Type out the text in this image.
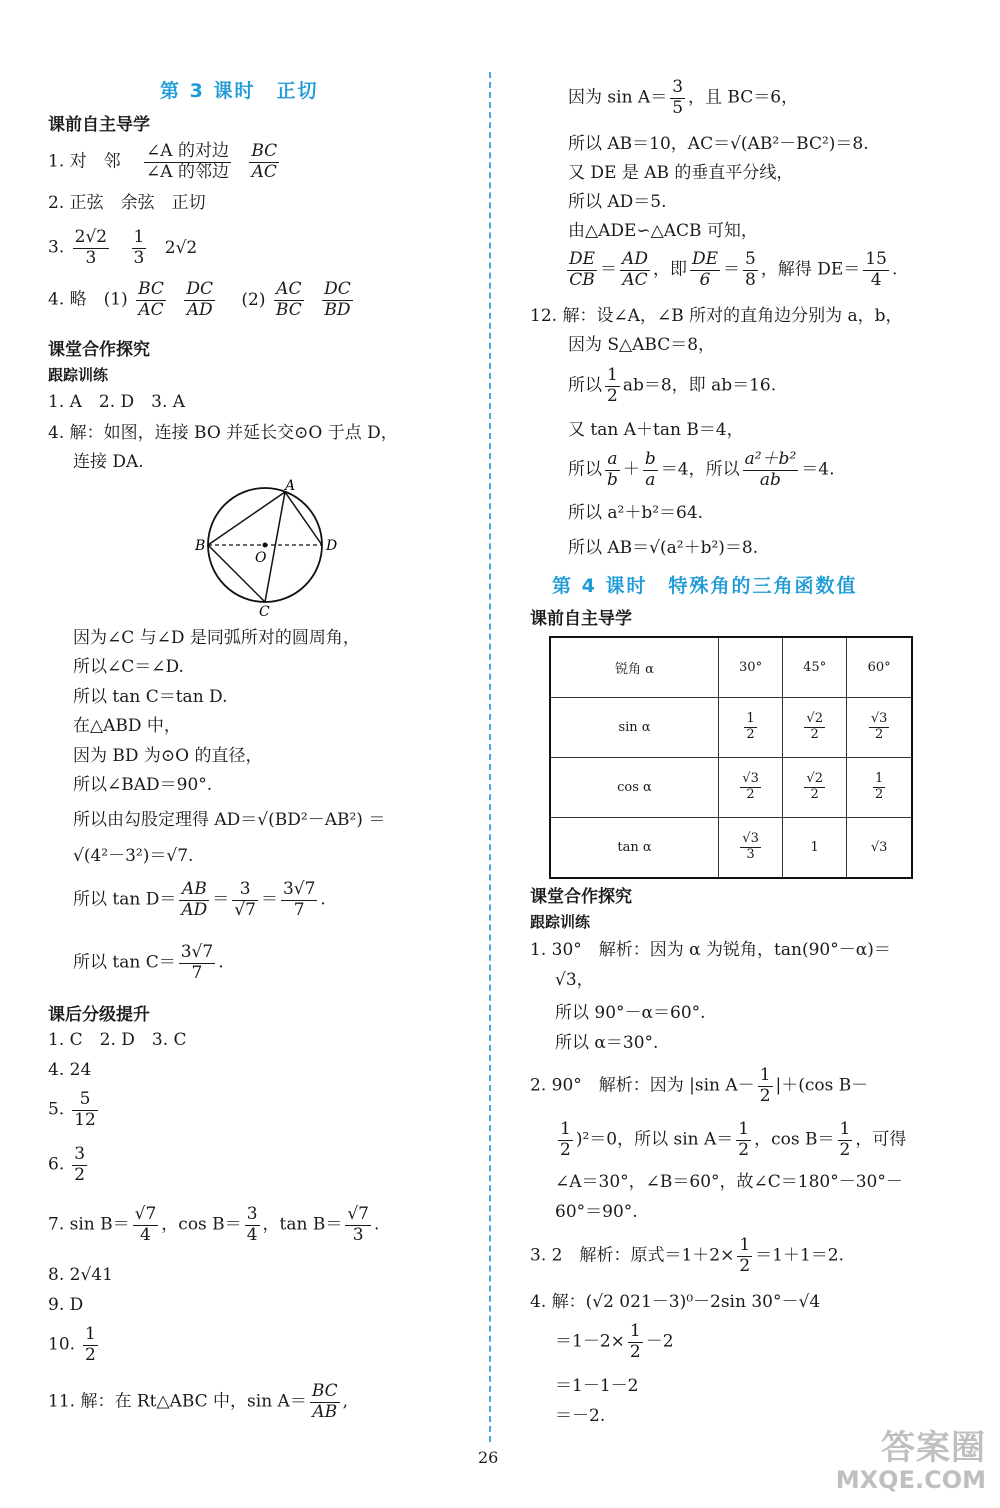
第 3 课时　正切
课前自主导学
1. 对　邻 $\frac{\text{∠A 的对边}}{\text{∠A 的邻边}}$
$\frac{BC}{AC}$
2. 正弦　余弦　正切
3. $\frac{2√2}{3}$
$\frac{1}{3} 2√2$
4. 略　$(1) \frac{BC}{AC}$
$\frac{DC}{AD} (2) \frac{AC}{BC}$
$\frac{DC}{BD}$
课堂合作探究
跟踪训练
1. A　2. D　3. A
4. 解：如图，连接 BO 并延长交⊙O 于点 D，
连接 DA.
A
B
C
D
O
因为∠C 与∠D 是同弧所对的圆周角，
所以∠C＝∠D.
所以 tan C＝tan D.
在△ABD 中，
因为 BD 为⊙O 的直径，
所以∠BAD＝90°.
所以由勾股定理得 AD＝√(BD²－AB²) ＝
√(4²－3²)＝√7.
所以 $\tan D= \frac{AB}{AD} = \frac{3}{√7} = \frac{3√7}{7}$ .
所以 $\tan C= \frac{3√7}{7}$ .
课后分级提升
1. C　2. D　3. C
4. 24
5. $\frac{5}{12}$
6. $\frac{3}{2}$
7. $\sin B= \frac{√7}{4}$ ，$\cos B= \frac{3}{4}$ ，$\tan B= \frac{√7}{3}$ .
8. 2√41
9. D
10. $\frac{1}{2}$
11. 解：在 Rt△ABC 中，$\sin A= \frac{BC}{AB}$ ,
因为 $\sin A= \frac{3}{5}$ ，且 BC＝6，
所以 AB＝10，AC＝√(AB²－BC²)＝8.
又 DE 是 AB 的垂直平分线，
所以 AD＝5.
由△ADE∽△ACB 可知，
$\frac{DE}{CB} = \frac{AD}{AC}$ ，即 $\frac{DE}{6} = \frac{5}{8}$ ，解得 $DE= \frac{15}{4}$ .
12. 解：设∠A，∠B 所对的直角边分别为 a，b，
因为 S△ABC＝8，
所以 $\frac{1}{2} ab=8$，即 ab＝16.
又 tan A＋tan B＝4，
所以 $\frac{a}{b} + \frac{b}{a} =4$，所以 $\frac{\text{a²＋b²}}{ab} =4$.
所以 a²＋b²＝64.
所以 AB＝√(a²＋b²)＝8.
第 4 课时　特殊角的三角函数值
课前自主导学
锐角 α	30°	45°	60°
sin α	$\frac{1}{2}$	$\frac{√2}{2}$	$\frac{√3}{2}$

cos α	$\frac{√3}{2}$	$\frac{√2}{2}$	$\frac{1}{2}$

tan α	$\frac{√3}{3}$	1	√3
课堂合作探究
跟踪训练
1. 30°　解析：因为 α 为锐角，tan(90°－α)＝
√3，
所以 90°－α＝60°.
所以 α＝30°.
2. 90°　解析：因为 |sin $A- \frac{1}{2} |+(\cos$ B－
$\frac{1}{2} )^2=0$，所以 $\sin A= \frac{1}{2}$ ，$\cos B= \frac{1}{2}$ ，可得
∠A＝30°，∠B＝60°，故∠C＝180°－30°－
60°＝90°.
3. 2　解析：原式$=1+2\times \frac{1}{2} =1+1=2$.
4. 解：(√2 021－3)⁰－2sin 30°－√4
$=1-2\times \frac{1}{2} -2$
＝1－1－2
＝－2.
26	答案圈
MXQE.COM
